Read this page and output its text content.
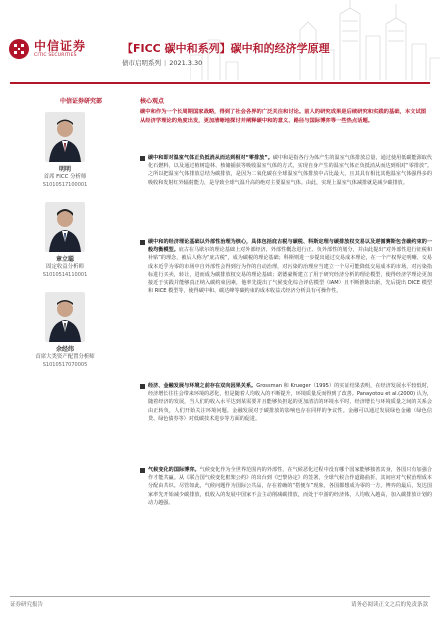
中信证券
CITIC SECURITIES
【FICC 碳中和系列】碳中和的经济学原理
债市启明系列 | 2021.3.30
中信证券研究部
明明
首席 FICC 分析师
S1010517100001
章立聪
固定收益分析师
S1010514110001
余经纬
首席大类资产配置分析师
S1010517070005
核心观点
碳中和作为一个长周期国家战略，得到了社会各界的广泛关注和讨论。前人的研究成果是后续研究和实践的基础，本文试图从经济学理论的角度出发，更加清晰地探讨并阐释碳中和的意义、路径与国际博弈等一些热点话题。
碳中和即对温室气体正负抵消从而达到相对“零排放”。碳中和是指各行为体产生的温室气体排放总量，通过使用低碳能源取代化石燃料，以及通过植树造林、核储捕获等吸收温室气体的方式，实现自身产生的温室气体正负抵消从而达到相对“零排放”。之所以把温室气体排放总结为碳排放，是因为二氧化碳在全球温室气体排放中占比最大，且其具有相比其他温室气体强得多的吸收和发射红外辐射能力，是导致全球气温升高的绝对主要温室气体。由此，实现上温室气体减排就是减少碳排放。
碳中和的经济理论基础以外部性治理为核心，具体包括庇古税与碳税、科斯定理与碳排放权交易以及逆循赛斯包含碳约束的一般均衡模型。庇古在马歇尔的理论基础上对外部经济、外部性概念进行正、负外部性的划分，并由此提出“对外部性进行征税和补贴”的理念，被后人称为“庇古税”，成为碳税的理论基础；科斯则进一步提出通过交易成本理论，在一个产权界定明晰、交易成本近乎为零的市场中自外部性会得到行为作的自动治理，对污染的治理应当建立一个尽可能降低交易成本的市场，对污染指标进行买卖，转让，进而成为碳排放权交易的理论基础；诺德豪斯建立了用于研究经济分析的理论模型，使得经济学理论更加接近于实践并能够真正纳入碳约束因素，他率先提出了气候变化综合评估模型（IAM）且不断推陈出新，先后提出 DICE 模型和 RICE 模型等，使得碳中和、碳达峰等碳约束的成本收益式经济分析具有可操作性。
经济、金融发展与环境之前存在双向因果关系。Grossman 和 Krueger（1995）的实证结果表明，在经济发展水平较低时，经济增长往往会带来环境的恶化，但是随着人均收入的不断提升，环境质量反而得到了改善。Panayotou et al.(2000) 认为，随着经济的发展，当人们的收入水平达到某需要并且能够负担起的更加清洁的环境水平时，经济增长与环境质量之间的关系会由正转负，人们开始关注环境问题。金融发展对于碳排放的影响也存在同样的争议性。金融可以通过发展绿色金融（绿色信贷、绿色债券等）对低碳技术进步等方面的促进。
气候变化的国际博弈。气候变化作为全世界范围内的外部性，在气候恶化过程中没有哪个国家能够独善其身，各国只有加强合作才能共赢。从《联合国气候变化框架公约》的出台到《巴黎协定》的签署，全球气候合作道路曲折，其间应对气候治理成本分配由共识。尽管如此，气候问题作为国际公共品，存在着确的“搭便车”现象，各国都想成为零的一方。博弈的最后，发达国家率先开始减少碳排放，低收入的发展中国家不会主动削减碳排放，而处于中游的经济体，人均收入越高，加入碳排放计划的动力越强。
证券研究报告	请务必阅读正文之后的免责条款
